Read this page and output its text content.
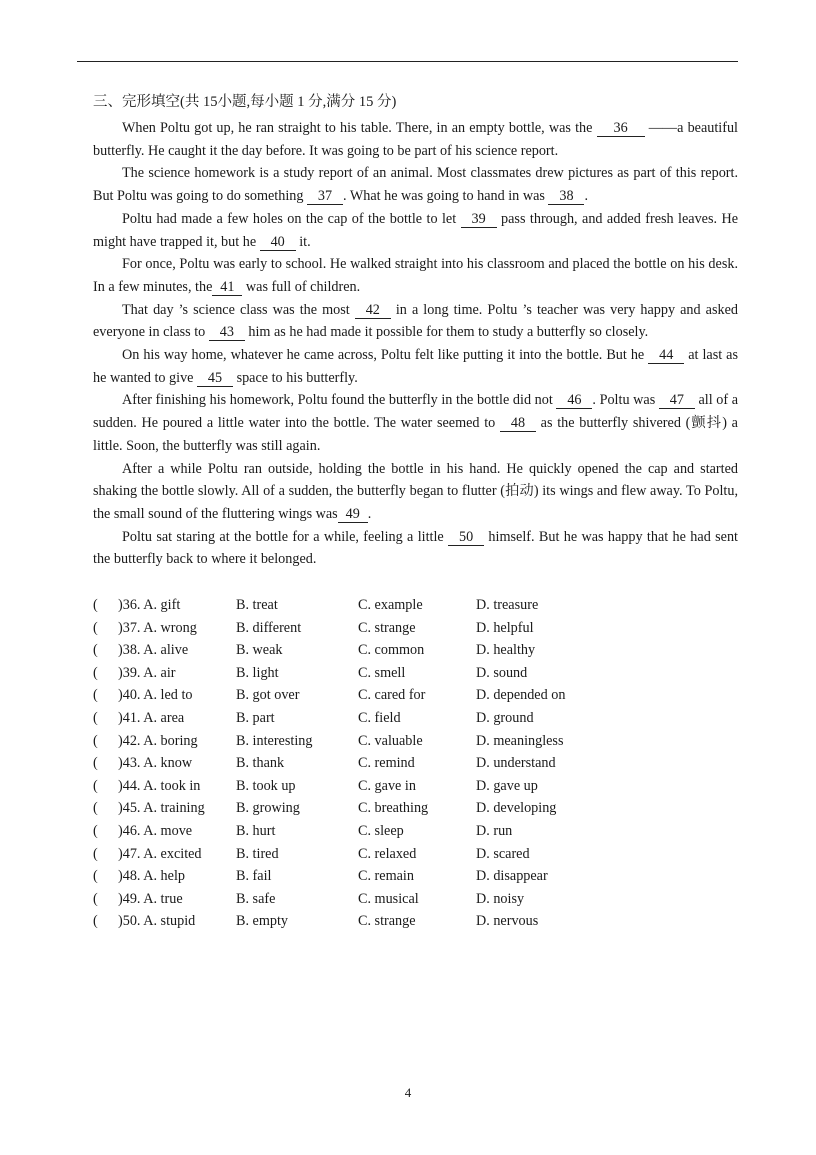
三、完形填空(共 15小题,每小题 1 分,满分 15 分)

When Poltu got up, he ran straight to his table. There, in an empty bottle, was the 36 ——a beautiful butterfly. He caught it the day before. It was going to be part of his science report.

The science homework is a study report of an animal. Most classmates drew pictures as part of this report. But Poltu was going to do something 37 . What he was going to hand in was 38 .

Poltu had made a few holes on the cap of the bottle to let 39 pass through, and added fresh leaves. He might have trapped it, but he 40 it.

For once, Poltu was early to school. He walked straight into his classroom and placed the bottle on his desk. In a few minutes, the 41 was full of children.

That day ’s science class was the most 42 in a long time. Poltu ’s teacher was very happy and asked everyone in class to 43 him as he had made it possible for them to study a butterfly so closely.

On his way home, whatever he came across, Poltu felt like putting it into the bottle. But he 44 at last as he wanted to give 45 space to his butterfly.

After finishing his homework, Poltu found the butterfly in the bottle did not 46 . Poltu was 47 all of a sudden. He poured a little water into the bottle. The water seemed to 48 as the butterfly shivered (颤抖) a little. Soon, the butterfly was still again.

After a while Poltu ran outside, holding the bottle in his hand. He quickly opened the cap and started shaking the bottle slowly. All of a sudden, the butterfly began to flutter (拍动) its wings and flew away. To Poltu, the small sound of the fluttering wings was 49 .

Poltu sat staring at the bottle for a while, feeling a little 50 himself. But he was happy that he had sent the butterfly back to where it belonged.

( )36. A. gift	B. treat	C. example	D. treasure
( )37. A. wrong	B. different	C. strange	D. helpful
( )38. A. alive	B. weak	C. common	D. healthy
( )39. A. air	B. light	C. smell	D. sound
( )40. A. led to	B. got over	C. cared for	D. depended on
( )41. A. area	B. part	C. field	D. ground
( )42. A. boring	B. interesting	C. valuable	D. meaningless
( )43. A. know	B. thank	C. remind	D. understand
( )44. A. took in	B. took up	C. gave in	D. gave up
( )45. A. training B. growing	C. breathing	D. developing
( )46. A. move	B. hurt	C. sleep	D. run
( )47. A. excited B. tired	C. relaxed	D. scared
( )48. A. help	B. fail	C. remain	D. disappear
( )49. A. true	B. safe	C. musical	D. noisy
( )50. A. stupid	B. empty	C. strange	D. nervous
4
